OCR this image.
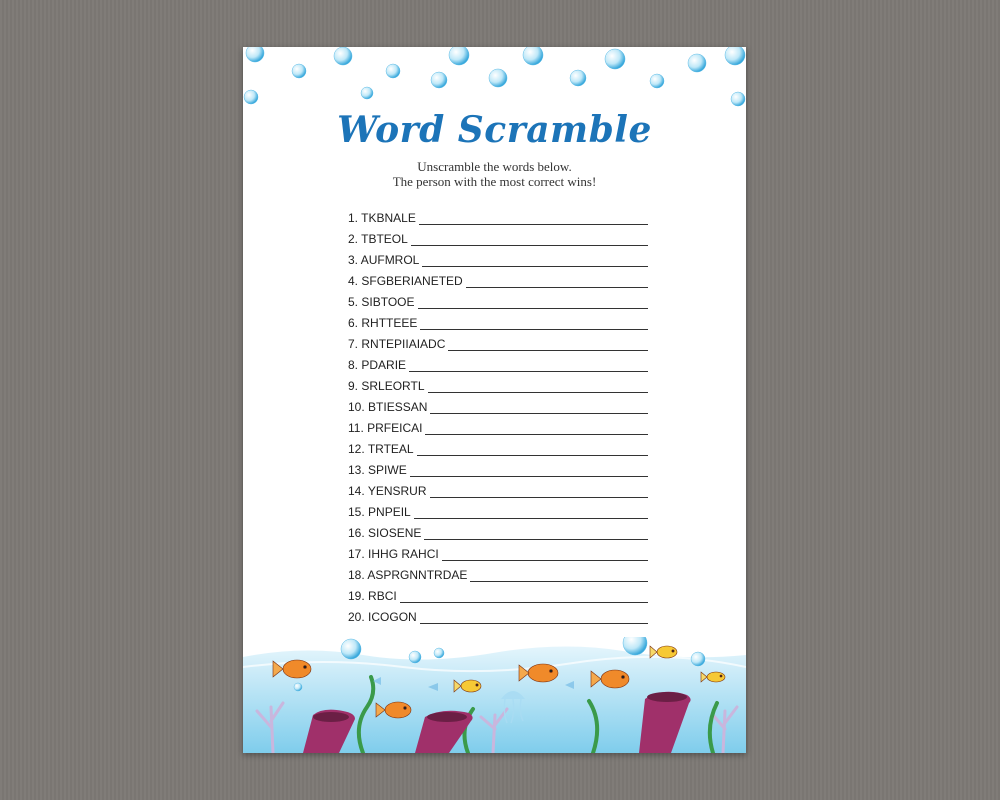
Word Scramble
Unscramble the words below.
The person with the most correct wins!
1. TKBNALE
2. TBTEOL
3. AUFMROL
4. SFGBERIANETED
5. SIBTOOE
6. RHTTEEE
7. RNTEPIIAIADC
8. PDARIE
9. SRLEORTL
10. BTIESSAN
11. PRFEICAI
12. TRTEAL
13. SPIWE
14. YENSRUR
15. PNPEIL
16. SIOSENE
17. IHHG RAHCI
18. ASPRGNNTRDAE
19. RBCI
20. ICOGON
